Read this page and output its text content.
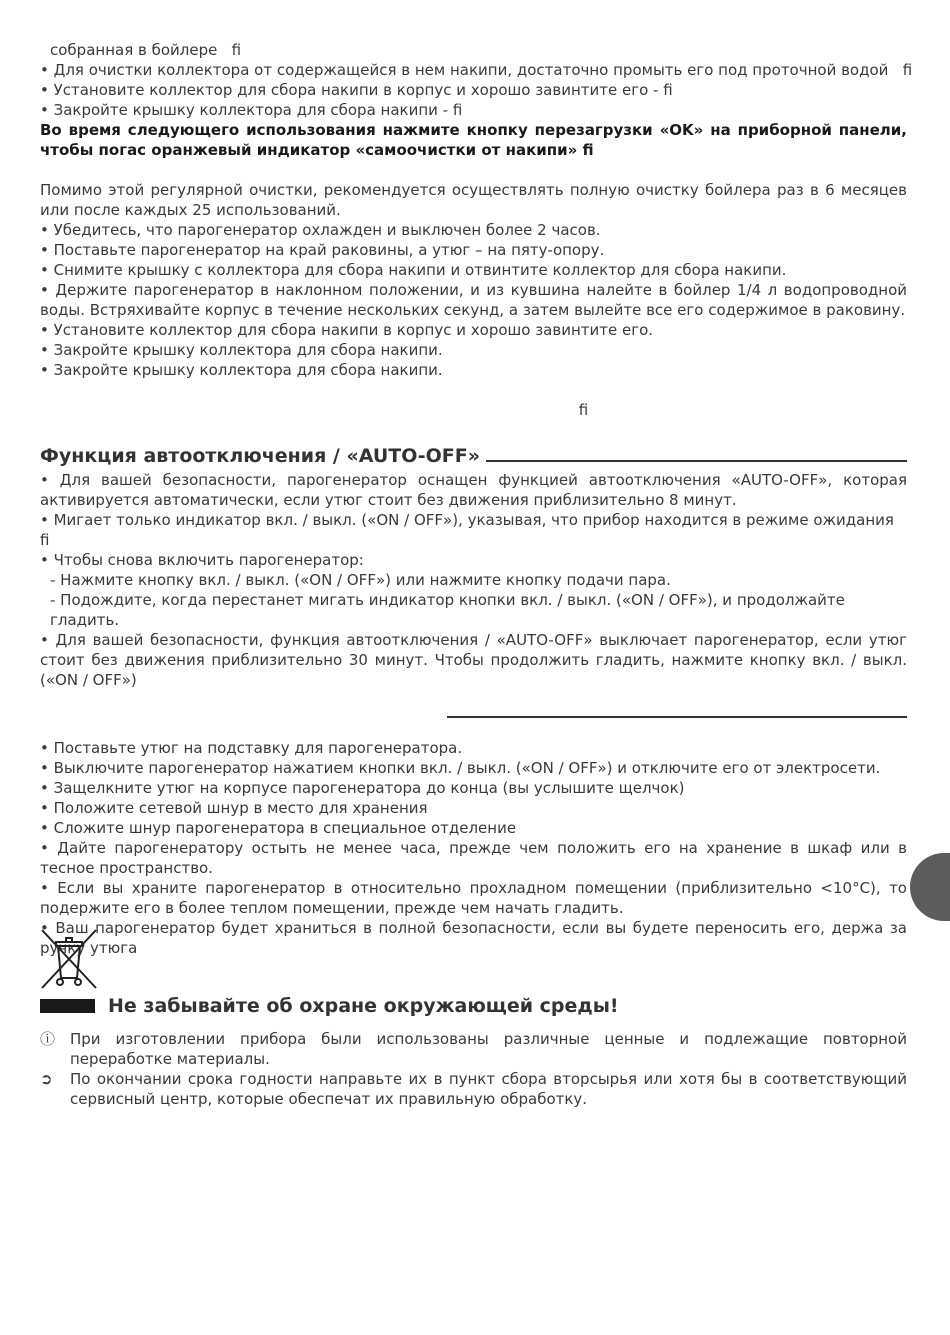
собранная в бойлере   ﬁ
• Для очистки коллектора от содержащейся в нем накипи, достаточно промыть его под проточной водой   ﬁ
• Установите коллектор для сбора накипи в корпус и хорошо завинтите его - ﬁ
• Закройте крышку коллектора для сбора накипи - ﬁ
Во время следующего использования нажмите кнопку перезагрузки «OK» на приборной панели, чтобы погас оранжевый индикатор «самоочистки от накипи» ﬁ
Помимо этой регулярной очистки, рекомендуется осуществлять полную очистку бойлера раз в 6 месяцев или после каждых 25 использований.
• Убедитесь, что парогенератор охлажден и выключен более 2 часов.
• Поставьте парогенератор на край раковины, а утюг – на пяту-опору.
• Снимите крышку с коллектора для сбора накипи и отвинтите коллектор для сбора накипи.
• Держите парогенератор в наклонном положении, и из кувшина налейте в бойлер 1/4 л водопроводной воды. Встряхивайте корпус в течение нескольких секунд, а затем вылейте все его содержимое в раковину.
• Установите коллектор для сбора накипи в корпус и хорошо завинтите его.
• Закройте крышку коллектора для сбора накипи.
• Закройте крышку коллектора для сбора накипи.
ﬁ
Функция автоотключения / «AUTO-OFF»
• Для вашей безопасности, парогенератор оснащен функцией автоотключения «AUTO-OFF», которая активируется автоматически, если утюг стоит без движения приблизительно 8 минут.
• Мигает только индикатор вкл. / выкл. («ON / OFF»), указывая, что прибор находится в режиме ожидания ﬁ
• Чтобы снова включить парогенератор:
- Нажмите кнопку вкл. / выкл. («ON / OFF») или нажмите кнопку подачи пара.
- Подождите, когда перестанет мигать индикатор кнопки вкл. / выкл. («ON / OFF»), и продолжайте гладить.
• Для вашей безопасности, функция автоотключения / «AUTO-OFF» выключает парогенератор, если утюг стоит без движения приблизительно 30 минут. Чтобы продолжить гладить, нажмите кнопку вкл. / выкл. («ON / OFF»)
• Поставьте утюг на подставку для парогенератора.
• Выключите парогенератор нажатием кнопки вкл. / выкл. («ON / OFF») и отключите его от электросети.
• Защелкните утюг на корпусе парогенератора до конца (вы услышите щелчок)
• Положите сетевой шнур в место для хранения
• Сложите шнур парогенератора в специальное отделение
• Дайте парогенератору остыть не менее часа, прежде чем положить его на хранение в шкаф или в тесное пространство.
• Если вы храните парогенератор в относительно прохладном помещении (приблизительно <10°C), то подержите его в более теплом помещении, прежде чем начать гладить.
• Ваш парогенератор будет храниться в полной безопасности, если вы будете переносить его, держа за ручку утюга
Не забывайте об охране окружающей среды!
ⓘ При изготовлении прибора были использованы различные ценные и подлежащие повторной переработке материалы.
➲	По окончании срока годности направьте их в пункт сбора вторсырья или хотя бы в соответствующий сервисный центр, которые обеспечат их правильную обработку.
